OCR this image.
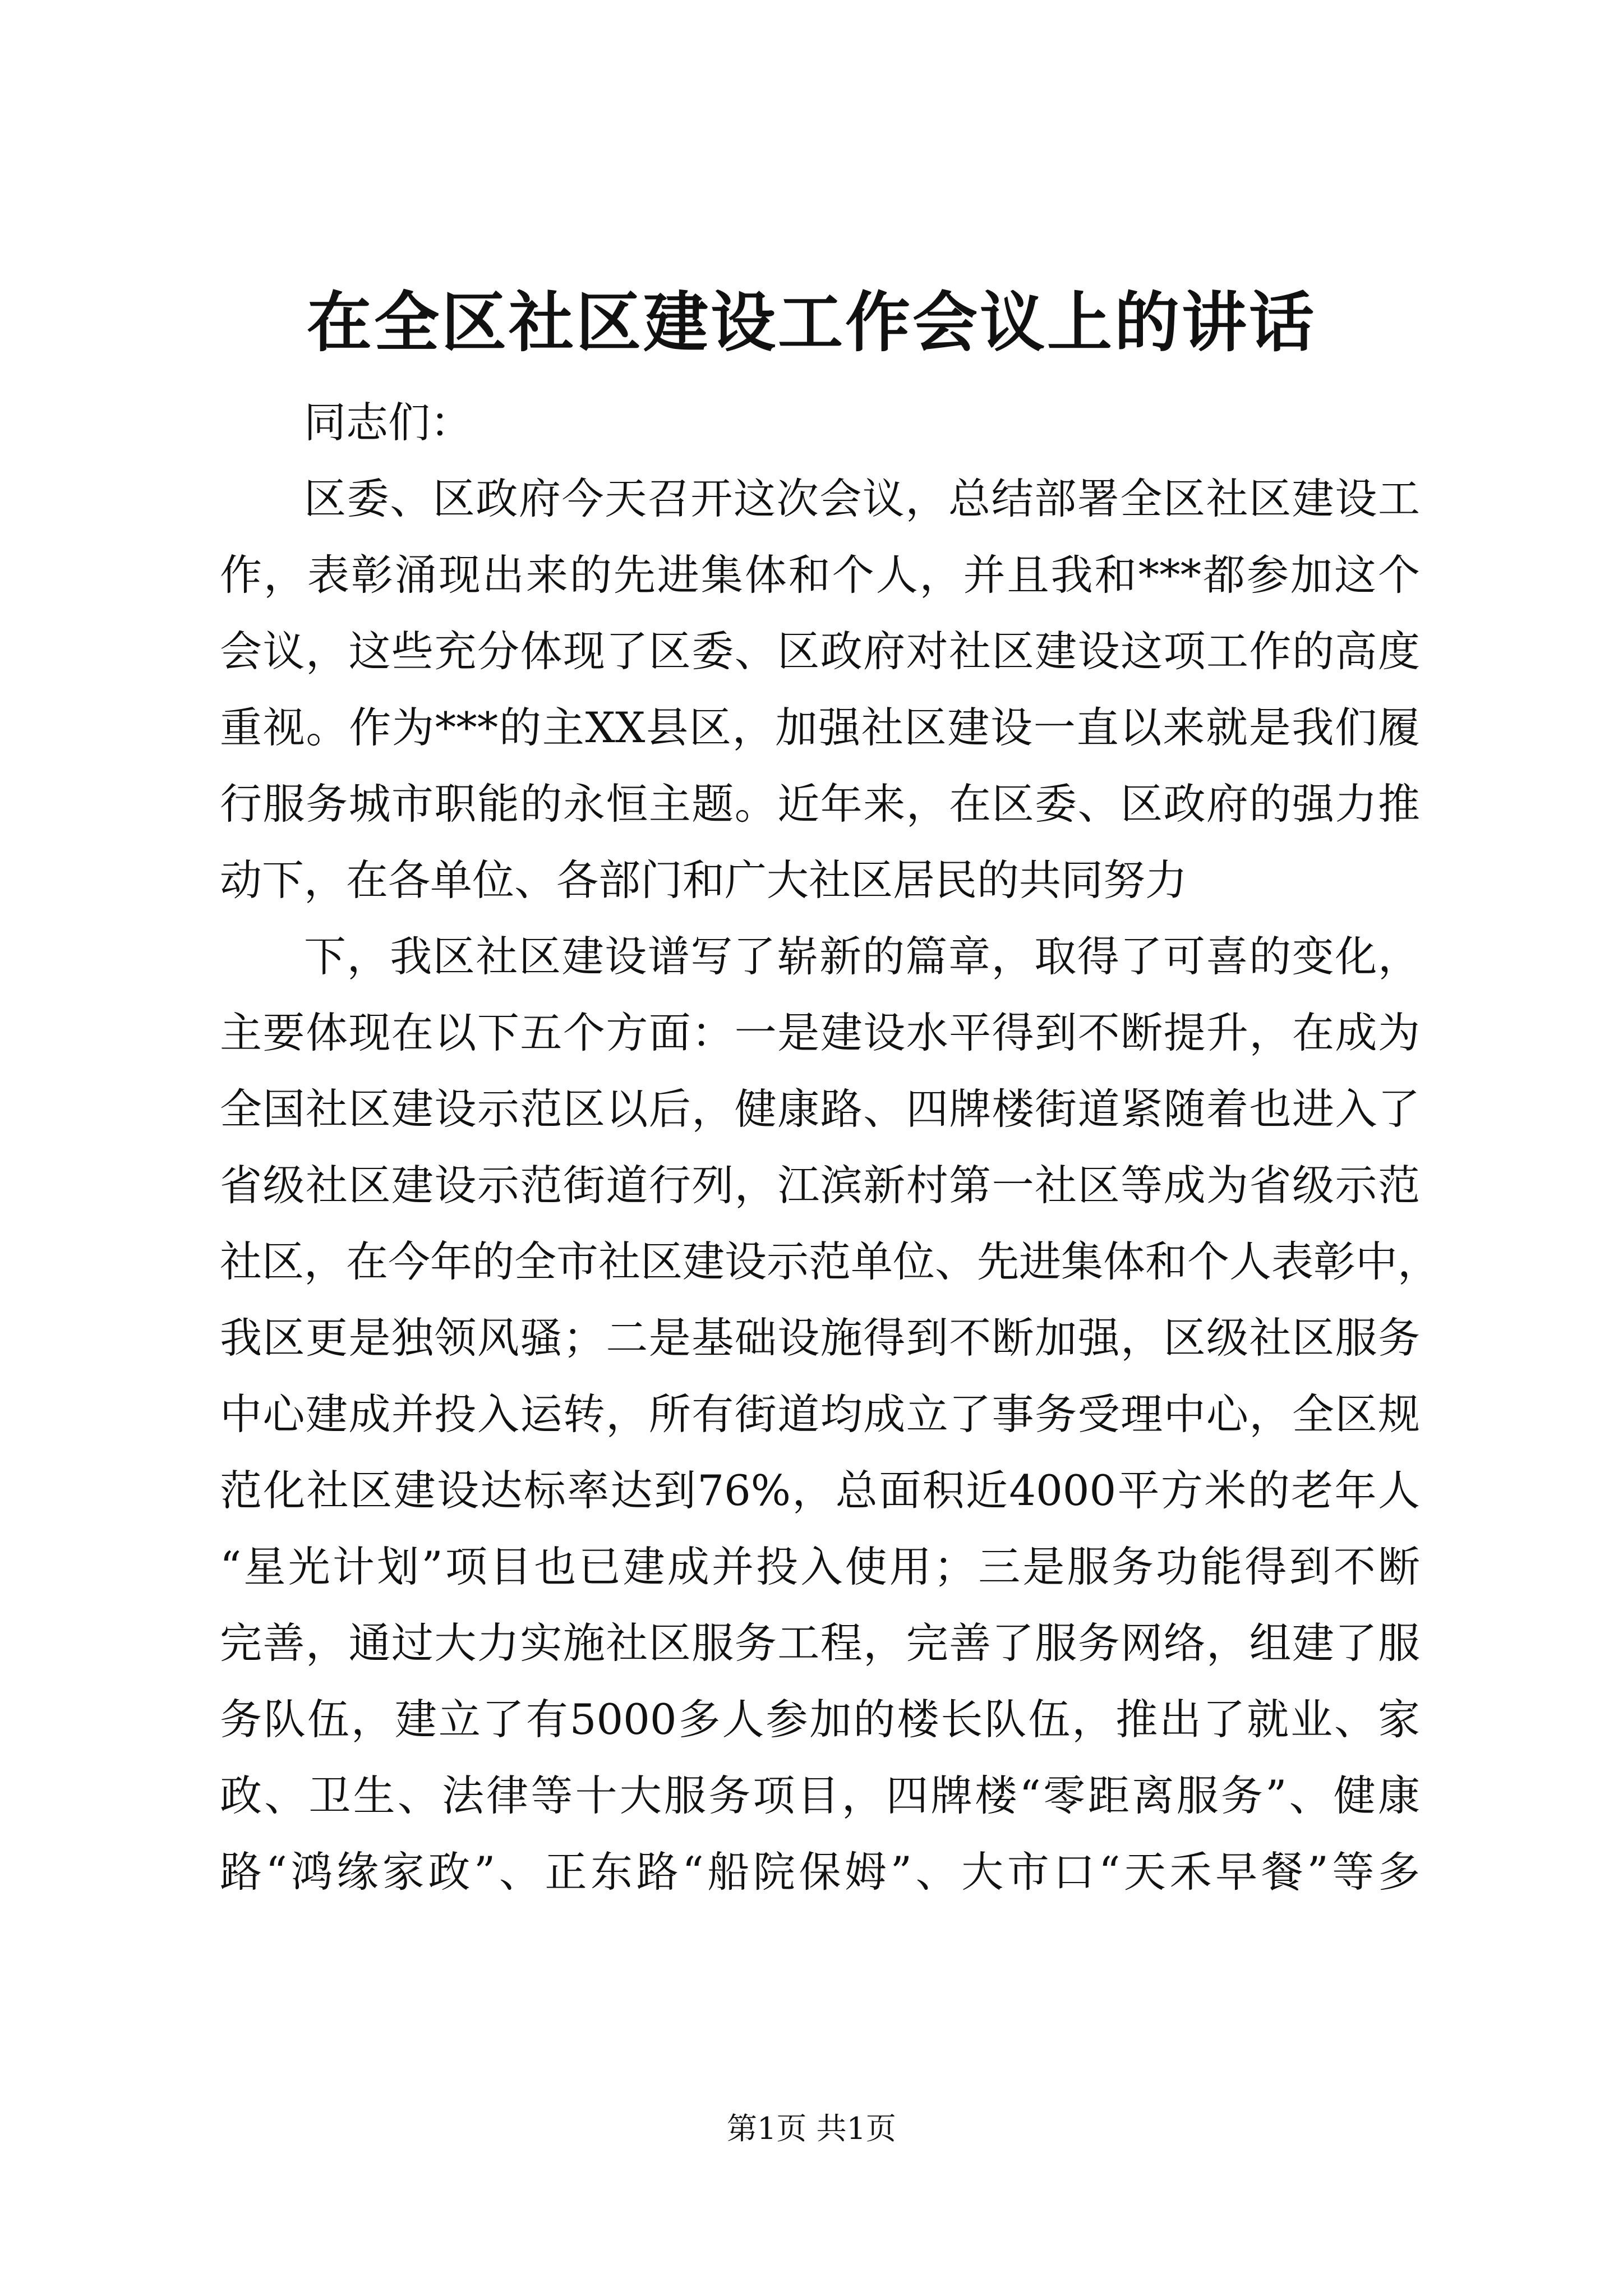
在全区社区建设工作会议上的讲话
同志们：
区委、区政府今天召开这次会议，总结部署全区社区建设工
作，表彰涌现出来的先进集体和个人，并且我和***都参加这个
会议，这些充分体现了区委、区政府对社区建设这项工作的高度
重视。作为***的主XX县区，加强社区建设一直以来就是我们履
行服务城市职能的永恒主题。近年来，在区委、区政府的强力推
动下，在各单位、各部门和广大社区居民的共同努力
下，我区社区建设谱写了崭新的篇章，取得了可喜的变化，
主要体现在以下五个方面：一是建设水平得到不断提升，在成为
全国社区建设示范区以后，健康路、四牌楼街道紧随着也进入了
省级社区建设示范街道行列，江滨新村第一社区等成为省级示范
社区，在今年的全市社区建设示范单位、先进集体和个人表彰中，
我区更是独领风骚；二是基础设施得到不断加强，区级社区服务
中心建成并投入运转，所有街道均成立了事务受理中心，全区规
范化社区建设达标率达到76%，总面积近4000平方米的老年人
“星光计划”项目也已建成并投入使用；三是服务功能得到不断
完善，通过大力实施社区服务工程，完善了服务网络，组建了服
务队伍，建立了有5000多人参加的楼长队伍，推出了就业、家
政、卫生、法律等十大服务项目，四牌楼“零距离服务”、健康
路“鸿缘家政”、正东路“船院保姆”、大市口“天禾早餐”等多
第1页 共1页
